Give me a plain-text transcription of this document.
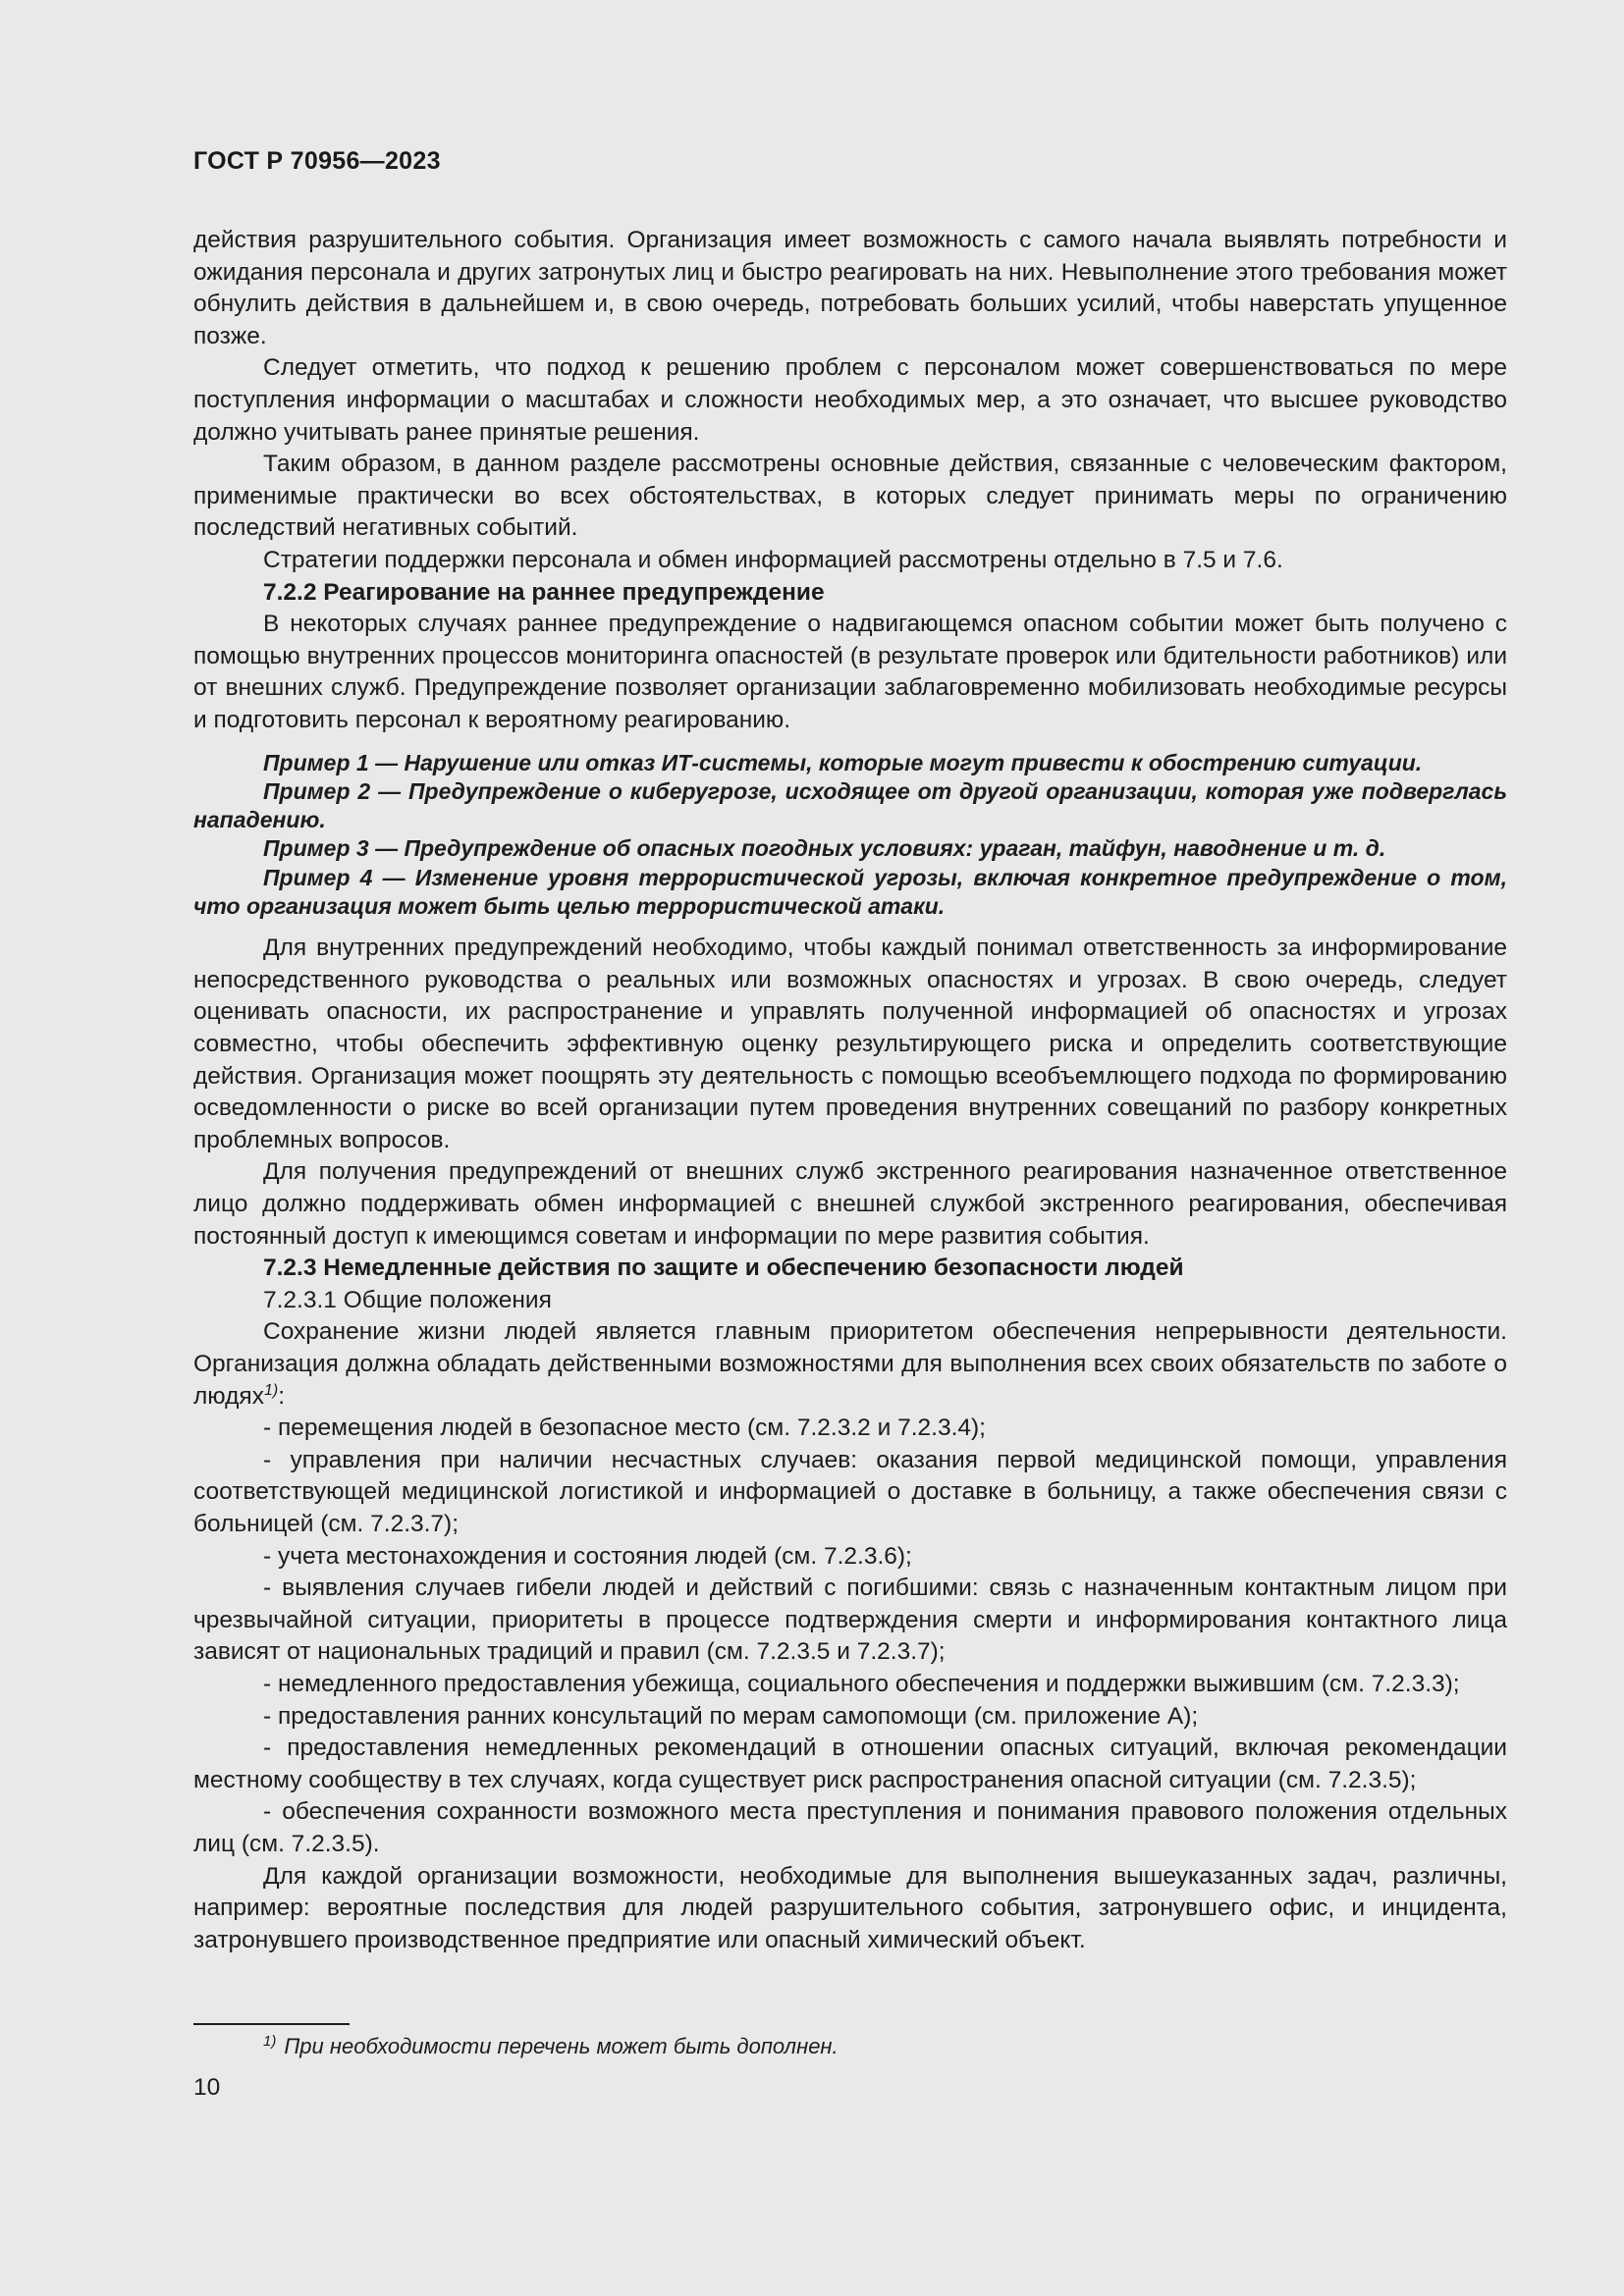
ГОСТ Р 70956—2023

действия разрушительного события. Организация имеет возможность с самого начала выявлять потребности и ожидания персонала и других затронутых лиц и быстро реагировать на них. Невыполнение этого требования может обнулить действия в дальнейшем и, в свою очередь, потребовать больших усилий, чтобы наверстать упущенное позже.

Следует отметить, что подход к решению проблем с персоналом может совершенствоваться по мере поступления информации о масштабах и сложности необходимых мер, а это означает, что высшее руководство должно учитывать ранее принятые решения.

Таким образом, в данном разделе рассмотрены основные действия, связанные с человеческим фактором, применимые практически во всех обстоятельствах, в которых следует принимать меры по ограничению последствий негативных событий.

Стратегии поддержки персонала и обмен информацией рассмотрены отдельно в 7.5 и 7.6.

7.2.2 Реагирование на раннее предупреждение

В некоторых случаях раннее предупреждение о надвигающемся опасном событии может быть получено с помощью внутренних процессов мониторинга опасностей (в результате проверок или бдительности работников) или от внешних служб. Предупреждение позволяет организации заблаговременно мобилизовать необходимые ресурсы и подготовить персонал к вероятному реагированию.

Пример 1 — Нарушение или отказ ИТ-системы, которые могут привести к обострению ситуации.

Пример 2 — Предупреждение о киберугрозе, исходящее от другой организации, которая уже подверглась нападению.

Пример 3 — Предупреждение об опасных погодных условиях: ураган, тайфун, наводнение и т. д.

Пример 4 — Изменение уровня террористической угрозы, включая конкретное предупреждение о том, что организация может быть целью террористической атаки.

Для внутренних предупреждений необходимо, чтобы каждый понимал ответственность за информирование непосредственного руководства о реальных или возможных опасностях и угрозах. В свою очередь, следует оценивать опасности, их распространение и управлять полученной информацией об опасностях и угрозах совместно, чтобы обеспечить эффективную оценку результирующего риска и определить соответствующие действия. Организация может поощрять эту деятельность с помощью всеобъемлющего подхода по формированию осведомленности о риске во всей организации путем проведения внутренних совещаний по разбору конкретных проблемных вопросов.

Для получения предупреждений от внешних служб экстренного реагирования назначенное ответственное лицо должно поддерживать обмен информацией с внешней службой экстренного реагирования, обеспечивая постоянный доступ к имеющимся советам и информации по мере развития события.

7.2.3 Немедленные действия по защите и обеспечению безопасности людей

7.2.3.1 Общие положения

Сохранение жизни людей является главным приоритетом обеспечения непрерывности деятельности. Организация должна обладать действенными возможностями для выполнения всех своих обязательств по заботе о людях$^{1)}$:

- перемещения людей в безопасное место (см. 7.2.3.2 и 7.2.3.4);

- управления при наличии несчастных случаев: оказания первой медицинской помощи, управления соответствующей медицинской логистикой и информацией о доставке в больницу, а также обеспечения связи с больницей (см. 7.2.3.7);

- учета местонахождения и состояния людей (см. 7.2.3.6);

- выявления случаев гибели людей и действий с погибшими: связь с назначенным контактным лицом при чрезвычайной ситуации, приоритеты в процессе подтверждения смерти и информирования контактного лица зависят от национальных традиций и правил (см. 7.2.3.5 и 7.2.3.7);

- немедленного предоставления убежища, социального обеспечения и поддержки выжившим (см. 7.2.3.3);

- предоставления ранних консультаций по мерам самопомощи (см. приложение А);

- предоставления немедленных рекомендаций в отношении опасных ситуаций, включая рекомендации местному сообществу в тех случаях, когда существует риск распространения опасной ситуации (см. 7.2.3.5);

- обеспечения сохранности возможного места преступления и понимания правового положения отдельных лиц (см. 7.2.3.5).

Для каждой организации возможности, необходимые для выполнения вышеуказанных задач, различны, например: вероятные последствия для людей разрушительного события, затронувшего офис, и инцидента, затронувшего производственное предприятие или опасный химический объект.

$^{1)}$ При необходимости перечень может быть дополнен.
10
